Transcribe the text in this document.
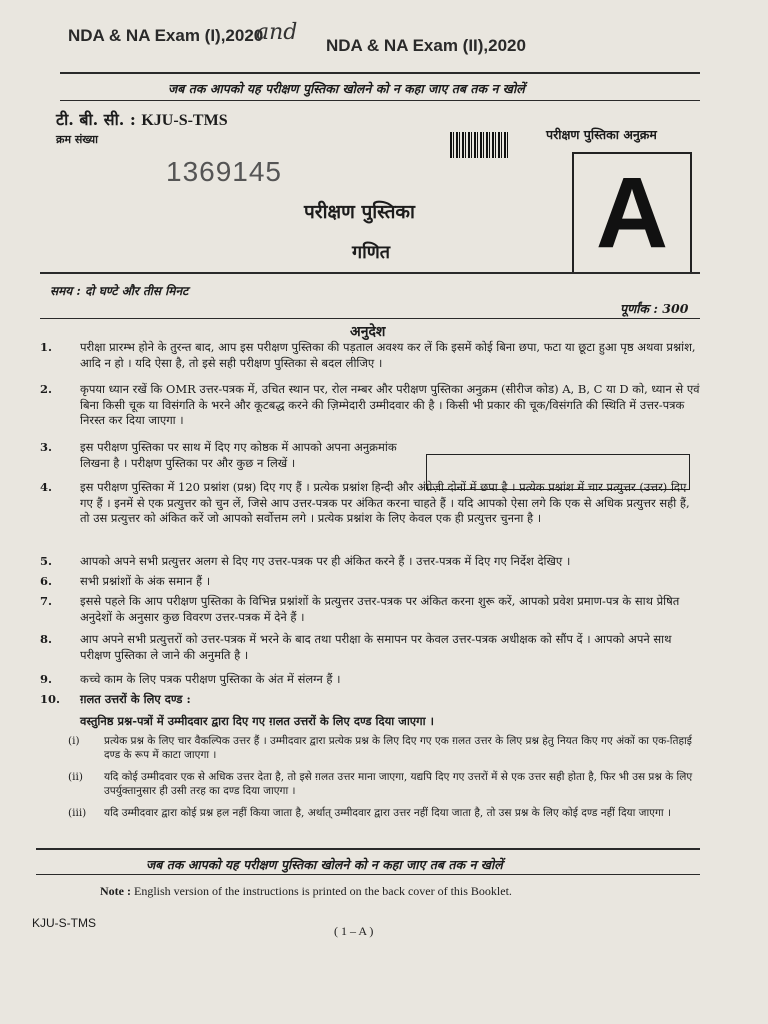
NDA & NA Exam (I),2020
and
NDA & NA Exam (II),2020
जब तक आपको यह परीक्षण पुस्तिका खोलने को न कहा जाए तब तक न खोलें
टी. बी. सी. : KJU-S-TMS
क्रम संख्या
1369145
परीक्षण पुस्तिका अनुक्रम
A
परीक्षण पुस्तिका
गणित
समय : दो घण्टे और तीस मिनट
पूर्णांक : 300
अनुदेश
1.	परीक्षा प्रारम्भ होने के तुरन्त बाद, आप इस परीक्षण पुस्तिका की पड़ताल अवश्य कर लें कि इसमें कोई बिना छपा, फटा या छूटा हुआ पृष्ठ अथवा प्रश्नांश, आदि न हो । यदि ऐसा है, तो इसे सही परीक्षण पुस्तिका से बदल लीजिए ।
2.	कृपया ध्यान रखें कि OMR उत्तर-पत्रक में, उचित स्थान पर, रोल नम्बर और परीक्षण पुस्तिका अनुक्रम (सीरीज कोड) A, B, C या D को, ध्यान से एवं बिना किसी चूक या विसंगति के भरने और कूटबद्ध करने की ज़िम्मेदारी उम्मीदवार की है । किसी भी प्रकार की चूक/विसंगति की स्थिति में उत्तर-पत्रक निरस्त कर दिया जाएगा ।
3.	इस परीक्षण पुस्तिका पर साथ में दिए गए कोष्ठक में आपको अपना अनुक्रमांक लिखना है । परीक्षण पुस्तिका पर और कुछ न लिखें ।
4.	इस परीक्षण पुस्तिका में 120 प्रश्नांश (प्रश्न) दिए गए हैं । प्रत्येक प्रश्नांश हिन्दी और अंग्रेज़ी दोनों में छपा है । प्रत्येक प्रश्नांश में चार प्रत्युत्तर (उत्तर) दिए गए हैं । इनमें से एक प्रत्युत्तर को चुन लें, जिसे आप उत्तर-पत्रक पर अंकित करना चाहते हैं । यदि आपको ऐसा लगे कि एक से अधिक प्रत्युत्तर सही हैं, तो उस प्रत्युत्तर को अंकित करें जो आपको सर्वोत्तम लगे । प्रत्येक प्रश्नांश के लिए केवल एक ही प्रत्युत्तर चुनना है ।
5.	आपको अपने सभी प्रत्युत्तर अलग से दिए गए उत्तर-पत्रक पर ही अंकित करने हैं । उत्तर-पत्रक में दिए गए निर्देश देखिए ।
6.	सभी प्रश्नांशों के अंक समान हैं ।
7.	इससे पहले कि आप परीक्षण पुस्तिका के विभिन्न प्रश्नांशों के प्रत्युत्तर उत्तर-पत्रक पर अंकित करना शुरू करें, आपको प्रवेश प्रमाण-पत्र के साथ प्रेषित अनुदेशों के अनुसार कुछ विवरण उत्तर-पत्रक में देने हैं ।
8.	आप अपने सभी प्रत्युत्तरों को उत्तर-पत्रक में भरने के बाद तथा परीक्षा के समापन पर केवल उत्तर-पत्रक अधीक्षक को सौंप दें । आपको अपने साथ परीक्षण पुस्तिका ले जाने की अनुमति है ।
9.	कच्चे काम के लिए पत्रक परीक्षण पुस्तिका के अंत में संलग्न हैं ।
10.	ग़लत उत्तरों के लिए दण्ड :
वस्तुनिष्ठ प्रश्न-पत्रों में उम्मीदवार द्वारा दिए गए ग़लत उत्तरों के लिए दण्ड दिया जाएगा ।
(i)	प्रत्येक प्रश्न के लिए चार वैकल्पिक उत्तर हैं । उम्मीदवार द्वारा प्रत्येक प्रश्न के लिए दिए गए एक ग़लत उत्तर के लिए प्रश्न हेतु नियत किए गए अंकों का एक-तिहाई दण्ड के रूप में काटा जाएगा ।
(ii)	यदि कोई उम्मीदवार एक से अधिक उत्तर देता है, तो इसे ग़लत उत्तर माना जाएगा, यद्यपि दिए गए उत्तरों में से एक उत्तर सही होता है, फिर भी उस प्रश्न के लिए उपर्युक्तानुसार ही उसी तरह का दण्ड दिया जाएगा ।
(iii)	यदि उम्मीदवार द्वारा कोई प्रश्न हल नहीं किया जाता है, अर्थात् उम्मीदवार द्वारा उत्तर नहीं दिया जाता है, तो उस प्रश्न के लिए कोई दण्ड नहीं दिया जाएगा ।
जब तक आपको यह परीक्षण पुस्तिका खोलने को न कहा जाए तब तक न खोलें
Note : English version of the instructions is printed on the back cover of this Booklet.
KJU-S-TMS
( 1 – A )
